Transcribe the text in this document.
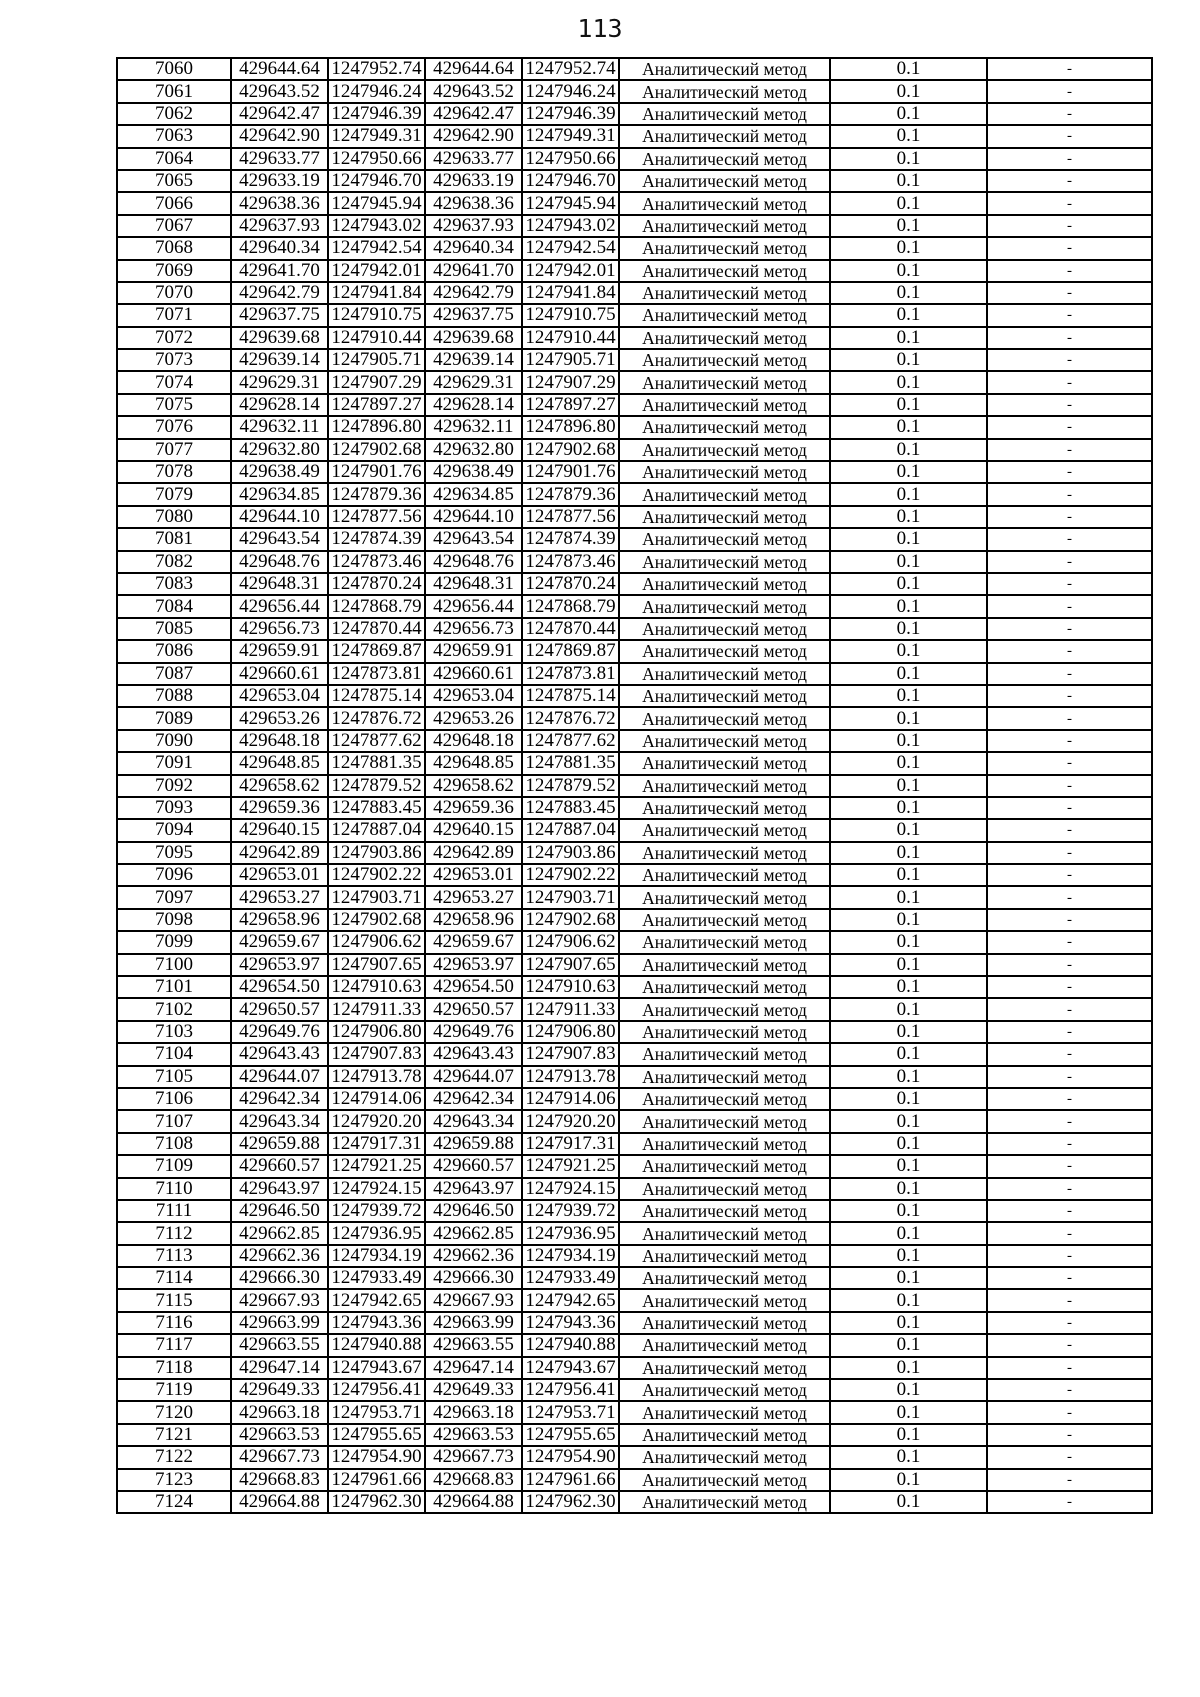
113
7060	429644.64	1247952.74	429644.64	1247952.74	Аналитический метод	0.1	-
7061	429643.52	1247946.24	429643.52	1247946.24	Аналитический метод	0.1	-
7062	429642.47	1247946.39	429642.47	1247946.39	Аналитический метод	0.1	-
7063	429642.90	1247949.31	429642.90	1247949.31	Аналитический метод	0.1	-
7064	429633.77	1247950.66	429633.77	1247950.66	Аналитический метод	0.1	-
7065	429633.19	1247946.70	429633.19	1247946.70	Аналитический метод	0.1	-
7066	429638.36	1247945.94	429638.36	1247945.94	Аналитический метод	0.1	-
7067	429637.93	1247943.02	429637.93	1247943.02	Аналитический метод	0.1	-
7068	429640.34	1247942.54	429640.34	1247942.54	Аналитический метод	0.1	-
7069	429641.70	1247942.01	429641.70	1247942.01	Аналитический метод	0.1	-
7070	429642.79	1247941.84	429642.79	1247941.84	Аналитический метод	0.1	-
7071	429637.75	1247910.75	429637.75	1247910.75	Аналитический метод	0.1	-
7072	429639.68	1247910.44	429639.68	1247910.44	Аналитический метод	0.1	-
7073	429639.14	1247905.71	429639.14	1247905.71	Аналитический метод	0.1	-
7074	429629.31	1247907.29	429629.31	1247907.29	Аналитический метод	0.1	-
7075	429628.14	1247897.27	429628.14	1247897.27	Аналитический метод	0.1	-
7076	429632.11	1247896.80	429632.11	1247896.80	Аналитический метод	0.1	-
7077	429632.80	1247902.68	429632.80	1247902.68	Аналитический метод	0.1	-
7078	429638.49	1247901.76	429638.49	1247901.76	Аналитический метод	0.1	-
7079	429634.85	1247879.36	429634.85	1247879.36	Аналитический метод	0.1	-
7080	429644.10	1247877.56	429644.10	1247877.56	Аналитический метод	0.1	-
7081	429643.54	1247874.39	429643.54	1247874.39	Аналитический метод	0.1	-
7082	429648.76	1247873.46	429648.76	1247873.46	Аналитический метод	0.1	-
7083	429648.31	1247870.24	429648.31	1247870.24	Аналитический метод	0.1	-
7084	429656.44	1247868.79	429656.44	1247868.79	Аналитический метод	0.1	-
7085	429656.73	1247870.44	429656.73	1247870.44	Аналитический метод	0.1	-
7086	429659.91	1247869.87	429659.91	1247869.87	Аналитический метод	0.1	-
7087	429660.61	1247873.81	429660.61	1247873.81	Аналитический метод	0.1	-
7088	429653.04	1247875.14	429653.04	1247875.14	Аналитический метод	0.1	-
7089	429653.26	1247876.72	429653.26	1247876.72	Аналитический метод	0.1	-
7090	429648.18	1247877.62	429648.18	1247877.62	Аналитический метод	0.1	-
7091	429648.85	1247881.35	429648.85	1247881.35	Аналитический метод	0.1	-
7092	429658.62	1247879.52	429658.62	1247879.52	Аналитический метод	0.1	-
7093	429659.36	1247883.45	429659.36	1247883.45	Аналитический метод	0.1	-
7094	429640.15	1247887.04	429640.15	1247887.04	Аналитический метод	0.1	-
7095	429642.89	1247903.86	429642.89	1247903.86	Аналитический метод	0.1	-
7096	429653.01	1247902.22	429653.01	1247902.22	Аналитический метод	0.1	-
7097	429653.27	1247903.71	429653.27	1247903.71	Аналитический метод	0.1	-
7098	429658.96	1247902.68	429658.96	1247902.68	Аналитический метод	0.1	-
7099	429659.67	1247906.62	429659.67	1247906.62	Аналитический метод	0.1	-
7100	429653.97	1247907.65	429653.97	1247907.65	Аналитический метод	0.1	-
7101	429654.50	1247910.63	429654.50	1247910.63	Аналитический метод	0.1	-
7102	429650.57	1247911.33	429650.57	1247911.33	Аналитический метод	0.1	-
7103	429649.76	1247906.80	429649.76	1247906.80	Аналитический метод	0.1	-
7104	429643.43	1247907.83	429643.43	1247907.83	Аналитический метод	0.1	-
7105	429644.07	1247913.78	429644.07	1247913.78	Аналитический метод	0.1	-
7106	429642.34	1247914.06	429642.34	1247914.06	Аналитический метод	0.1	-
7107	429643.34	1247920.20	429643.34	1247920.20	Аналитический метод	0.1	-
7108	429659.88	1247917.31	429659.88	1247917.31	Аналитический метод	0.1	-
7109	429660.57	1247921.25	429660.57	1247921.25	Аналитический метод	0.1	-
7110	429643.97	1247924.15	429643.97	1247924.15	Аналитический метод	0.1	-
7111	429646.50	1247939.72	429646.50	1247939.72	Аналитический метод	0.1	-
7112	429662.85	1247936.95	429662.85	1247936.95	Аналитический метод	0.1	-
7113	429662.36	1247934.19	429662.36	1247934.19	Аналитический метод	0.1	-
7114	429666.30	1247933.49	429666.30	1247933.49	Аналитический метод	0.1	-
7115	429667.93	1247942.65	429667.93	1247942.65	Аналитический метод	0.1	-
7116	429663.99	1247943.36	429663.99	1247943.36	Аналитический метод	0.1	-
7117	429663.55	1247940.88	429663.55	1247940.88	Аналитический метод	0.1	-
7118	429647.14	1247943.67	429647.14	1247943.67	Аналитический метод	0.1	-
7119	429649.33	1247956.41	429649.33	1247956.41	Аналитический метод	0.1	-
7120	429663.18	1247953.71	429663.18	1247953.71	Аналитический метод	0.1	-
7121	429663.53	1247955.65	429663.53	1247955.65	Аналитический метод	0.1	-
7122	429667.73	1247954.90	429667.73	1247954.90	Аналитический метод	0.1	-
7123	429668.83	1247961.66	429668.83	1247961.66	Аналитический метод	0.1	-
7124	429664.88	1247962.30	429664.88	1247962.30	Аналитический метод	0.1	-
